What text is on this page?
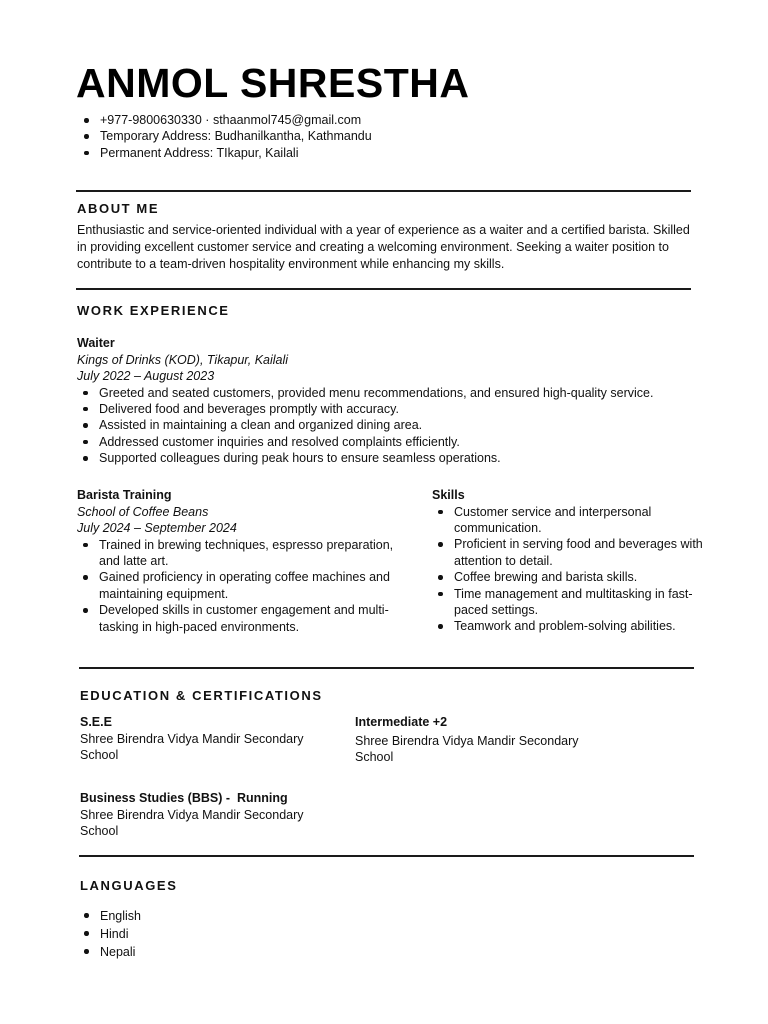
ANMOL SHRESTHA
+977-9800630330 · sthaanmol745@gmail.com
Temporary Address: Budhanilkantha, Kathmandu
Permanent Address: TIkapur, Kailali
ABOUT ME
Enthusiastic and service-oriented individual with a year of experience as a waiter and a certified barista. Skilled in providing excellent customer service and creating a welcoming environment. Seeking a waiter position to contribute to a team-driven hospitality environment while enhancing my skills.
WORK EXPERIENCE
Waiter
Kings of Drinks (KOD), Tikapur, Kailali
July 2022 – August 2023
Greeted and seated customers, provided menu recommendations, and ensured high-quality service.
Delivered food and beverages promptly with accuracy.
Assisted in maintaining a clean and organized dining area.
Addressed customer inquiries and resolved complaints efficiently.
Supported colleagues during peak hours to ensure seamless operations.
Barista Training
School of Coffee Beans
July 2024 – September 2024
Trained in brewing techniques, espresso preparation, and latte art.
Gained proficiency in operating coffee machines and maintaining equipment.
Developed skills in customer engagement and multi-tasking in high-paced environments.
Skills
Customer service and interpersonal communication.
Proficient in serving food and beverages with attention to detail.
Coffee brewing and barista skills.
Time management and multitasking in fast-paced settings.
Teamwork and problem-solving abilities.
EDUCATION & CERTIFICATIONS
S.E.E
Shree Birendra Vidya Mandir Secondary School
Intermediate +2
Shree Birendra Vidya Mandir Secondary School
Business Studies (BBS) -  Running
Shree Birendra Vidya Mandir Secondary School
LANGUAGES
English
Hindi
Nepali
